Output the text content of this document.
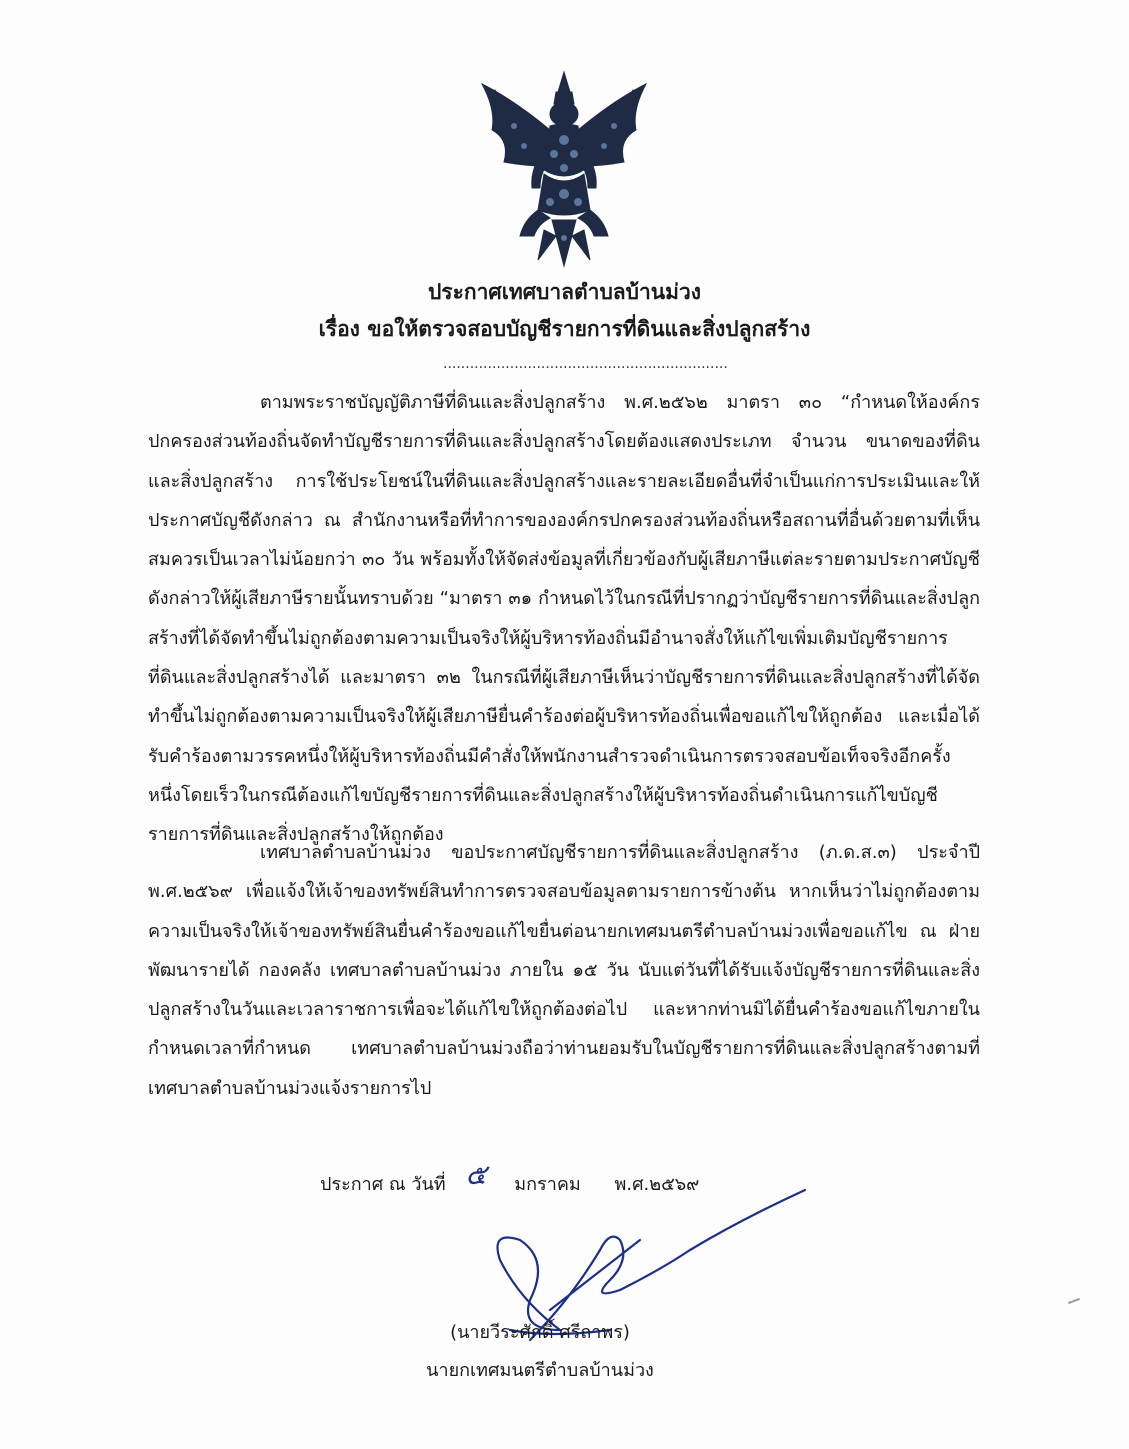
ประกาศเทศบาลตำบลบ้านม่วง
เรื่อง ขอให้ตรวจสอบบัญชีรายการที่ดินและสิ่งปลูกสร้าง
................................................................

ตามพระราชบัญญัติภาษีที่ดินและสิ่งปลูกสร้าง พ.ศ.๒๕๖๒ มาตรา ๓๐ “กำหนดให้องค์กรปกครองส่วนท้องถิ่นจัดทำบัญชีรายการที่ดินและสิ่งปลูกสร้างโดยต้องแสดงประเภท จำนวน ขนาดของที่ดินและสิ่งปลูกสร้าง การใช้ประโยชน์ในที่ดินและสิ่งปลูกสร้างและรายละเอียดอื่นที่จำเป็นแก่การประเมินและให้ประกาศบัญชีดังกล่าว ณ สำนักงานหรือที่ทำการขององค์กรปกครองส่วนท้องถิ่นหรือสถานที่อื่นด้วยตามที่เห็นสมควรเป็นเวลาไม่น้อยกว่า ๓๐ วัน พร้อมทั้งให้จัดส่งข้อมูลที่เกี่ยวข้องกับผู้เสียภาษีแต่ละรายตามประกาศบัญชีดังกล่าวให้ผู้เสียภาษีรายนั้นทราบด้วย “มาตรา ๓๑ กำหนดไว้ในกรณีที่ปรากฏว่าบัญชีรายการที่ดินและสิ่งปลูกสร้างที่ได้จัดทำขึ้นไม่ถูกต้องตามความเป็นจริงให้ผู้บริหารท้องถิ่นมีอำนาจสั่งให้แก้ไขเพิ่มเติมบัญชีรายการที่ดินและสิ่งปลูกสร้างได้ และมาตรา ๓๒ ในกรณีที่ผู้เสียภาษีเห็นว่าบัญชีรายการที่ดินและสิ่งปลูกสร้างที่ได้จัดทำขึ้นไม่ถูกต้องตามความเป็นจริงให้ผู้เสียภาษียื่นคำร้องต่อผู้บริหารท้องถิ่นเพื่อขอแก้ไขให้ถูกต้อง และเมื่อได้รับคำร้องตามวรรคหนึ่งให้ผู้บริหารท้องถิ่นมีคำสั่งให้พนักงานสำรวจดำเนินการตรวจสอบข้อเท็จจริงอีกครั้งหนึ่งโดยเร็วในกรณีต้องแก้ไขบัญชีรายการที่ดินและสิ่งปลูกสร้างให้ผู้บริหารท้องถิ่นดำเนินการแก้ไขบัญชีรายการที่ดินและสิ่งปลูกสร้างให้ถูกต้อง

เทศบาลตำบลบ้านม่วง ขอประกาศบัญชีรายการที่ดินและสิ่งปลูกสร้าง (ภ.ด.ส.๓) ประจำปี พ.ศ.๒๕๖๙ เพื่อแจ้งให้เจ้าของทรัพย์สินทำการตรวจสอบข้อมูลตามรายการข้างต้น หากเห็นว่าไม่ถูกต้องตามความเป็นจริงให้เจ้าของทรัพย์สินยื่นคำร้องขอแก้ไขยื่นต่อนายกเทศมนตรีตำบลบ้านม่วงเพื่อขอแก้ไข ณ ฝ่ายพัฒนารายได้ กองคลัง เทศบาลตำบลบ้านม่วง ภายใน ๑๕ วัน นับแต่วันที่ได้รับแจ้งบัญชีรายการที่ดินและสิ่งปลูกสร้างในวันและเวลาราชการเพื่อจะได้แก้ไขให้ถูกต้องต่อไป และหากท่านมิได้ยื่นคำร้องขอแก้ไขภายในกำหนดเวลาที่กำหนด เทศบาลตำบลบ้านม่วงถือว่าท่านยอมรับในบัญชีรายการที่ดินและสิ่งปลูกสร้างตามที่เทศบาลตำบลบ้านม่วงแจ้งรายการไป

ประกาศ ณ วันที่ ๕ มกราคม พ.ศ.๒๕๖๙
(นายวีระศักดิ์ ศรีถาพร)
นายกเทศมนตรีตำบลบ้านม่วง
